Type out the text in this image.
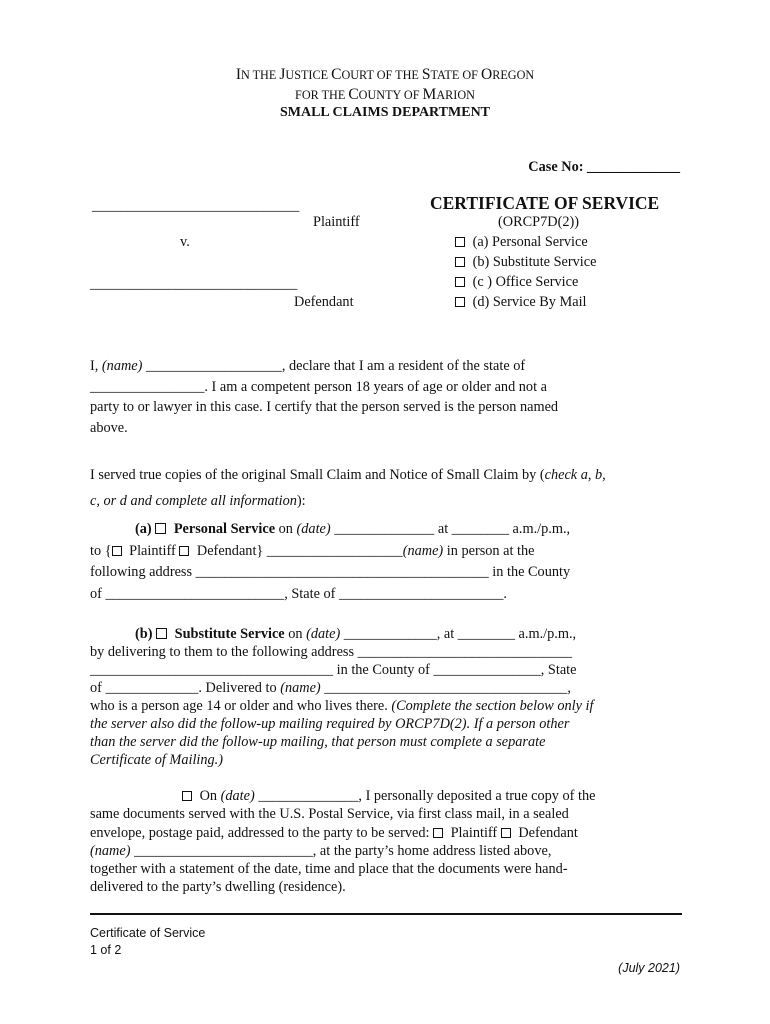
IN THE JUSTICE COURT OF THE STATE OF OREGON
FOR THE COUNTY OF MARION
SMALL CLAIMS DEPARTMENT
Case No: _____________
_____________________________
Plaintiff
v.
_____________________________
Defendant
CERTIFICATE OF SERVICE
(ORCP7D(2))
(a) Personal Service
(b) Substitute Service
(c ) Office Service
(d) Service By Mail

I, (name) ___________________, declare that I am a resident of the state of

________________. I am a competent person 18 years of age or older and not a

party to or lawyer in this case. I certify that the person served is the person named

above.

I served true copies of the original Small Claim and Notice of Small Claim by (check a, b,

c, or d and complete all information):

(a)  Personal Service on (date) ______________ at ________ a.m./p.m.,

to { Plaintiff  Defendant} ___________________(name) in person at the

following address _________________________________________ in the County

of _________________________, State of _______________________.

(b)  Substitute Service on (date) _____________, at ________ a.m./p.m.,

by delivering to them to the following address ______________________________

__________________________________ in the County of _______________, State

of _____________. Delivered to (name) __________________________________,

who is a person age 14 or older and who lives there. (Complete the section below only if

the server also did the follow-up mailing required by ORCP7D(2). If a person other

than the server did the follow-up mailing, that person must complete a separate

Certificate of Mailing.)

On (date) ______________, I personally deposited a true copy of the

same documents served with the U.S. Postal Service, via first class mail, in a sealed

envelope, postage paid, addressed to the party to be served:  Plaintiff  Defendant

(name) _________________________, at the party’s home address listed above,

together with a statement of the date, time and place that the documents were hand-

delivered to the party’s dwelling (residence).

Certificate of Service
1 of 2
(July 2021)
